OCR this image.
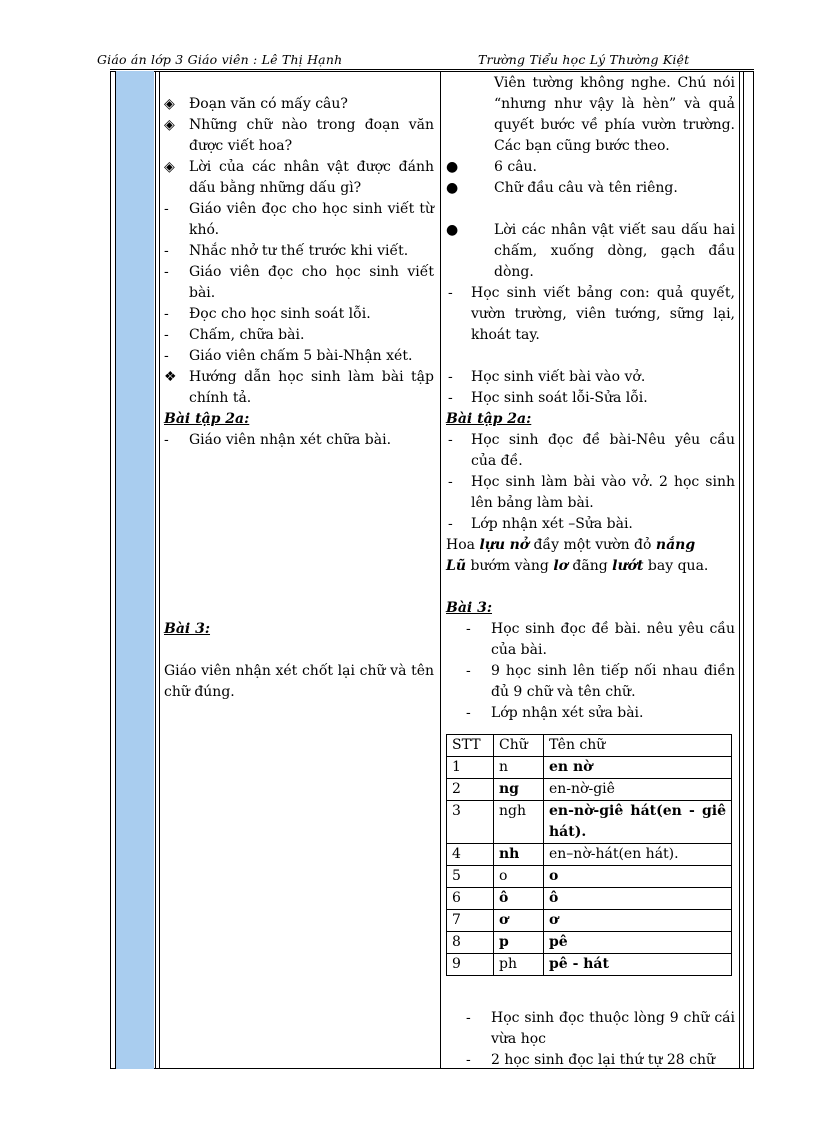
Giáo án lớp 3 Giáo viên : Lê Thị Hạnh	Trường Tiểu học Lý Thường Kiệt
◈	Đoạn văn có mấy câu?
◈	Những chữ nào trong đoạn văn được viết hoa?
◈	Lời của các nhân vật được đánh dấu bằng những dấu gì?
-	Giáo viên đọc cho học sinh viết từ khó.
-	Nhắc nhở tư thế trước khi viết.
-	Giáo viên đọc cho học sinh viết bài.
-	Đọc cho học sinh soát lỗi.
-	Chấm, chữa bài.
-	Giáo viên chấm 5 bài-Nhận xét.
❖ Hướng dẫn học sinh làm bài tập chính tả.
Bài tập 2a:
-	Giáo viên nhận xét chữa bài.
Bài 3:
Giáo viên nhận xét chốt lại chữ và tên chữ đúng.
Viên tường không nghe. Chú nói “nhưng như vậy là hèn” và quả quyết bước về phía vườn trường. Các bạn cũng bước theo.
●	6 câu.
●	Chữ đầu câu và tên riêng.
●	Lời các nhân vật viết sau dấu hai chấm, xuống dòng, gạch đầu dòng.
-	Học sinh viết bảng con: quả quyết, vườn trường, viên tướng, sững lại, khoát tay.
-	Học sinh viết bài vào vở.
-	Học sinh soát lỗi-Sửa lỗi.
Bài tập 2a:
-	Học sinh đọc đề bài-Nêu yêu cầu của đề.
-	Học sinh làm bài vào vở. 2 học sinh lên bảng làm bài.
-	Lớp nhận xét –Sửa bài.
Hoa lựu nở đầy một vườn đỏ nắng
Lũ bướm vàng lơ đãng lướt bay qua.
Bài 3:
-	Học sinh đọc đề bài. nêu yêu cầu của bài.
-	9 học sinh lên tiếp nối nhau điền đủ 9 chữ và tên chữ.
-	Lớp nhận xét sửa bài.
STT	Chữ	Tên chữ
1	n	en nờ
2	ng	en-nờ-giê
3	ngh	en-nờ-giê hát(en - giê hát).
4	nh	en–nờ-hát(en hát).
5	o	o
6	ô	ô
7	ơ	ơ
8	p	pê
9	ph	pê - hát
-	Học sinh đọc thuộc lòng 9 chữ cái vừa học
-	2 học sinh đọc lại thứ tự 28 chữ
